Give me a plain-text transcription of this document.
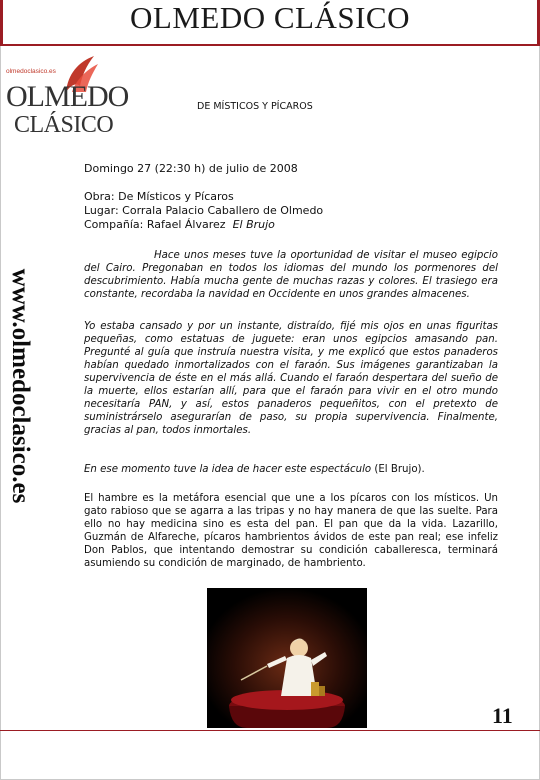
OLMEDO CLÁSICO
olmedoclasico.es
OLMEDO
CLÁSICO
DE MÍSTICOS Y PÍCAROS
www.olmedoclasico.es
Domingo 27 (22:30 h) de julio de 2008
Obra: De Místicos y Pícaros
Lugar: Corrala Palacio Caballero de Olmedo
Compañía: Rafael Álvarez El Brujo
Hace unos meses tuve la oportunidad de visitar el museo egipcio del Cairo. Pregonaban en todos los idiomas del mundo los pormenores del descubrimiento. Había mucha gente de muchas razas y colores. El trasiego era constante, recordaba la navidad en Occidente en unos grandes almacenes.
Yo estaba cansado y por un instante, distraído, fijé mis ojos en unas figuritas pequeñas, como estatuas de juguete: eran unos egipcios amasando pan. Pregunté al guía que instruía nuestra visita, y me explicó que estos panaderos habían quedado inmortalizados con el faraón. Sus imágenes garantizaban la supervivencia de éste en el más allá. Cuando el faraón despertara del sueño de la muerte, ellos estarían allí, para que el faraón para vivir en el otro mundo necesitaría PAN, y así, estos panaderos pequeñitos, con el pretexto de suministrárselo asegurarían de paso, su propia supervivencia. Finalmente, gracias al pan, todos inmortales.
En ese momento tuve la idea de hacer este espectáculo (El Brujo).
El hambre es la metáfora esencial que une a los pícaros con los místicos. Un gato rabioso que se agarra a las tripas y no hay manera de que las suelte. Para ello no hay medicina sino es esta del pan. El pan que da la vida. Lazarillo, Guzmán de Alfareche, pícaros hambrientos ávidos de este pan real; ese infeliz Don Pablos, que intentando demostrar su condición caballeresca, terminará asumiendo su condición de marginado, de hambriento.
11
